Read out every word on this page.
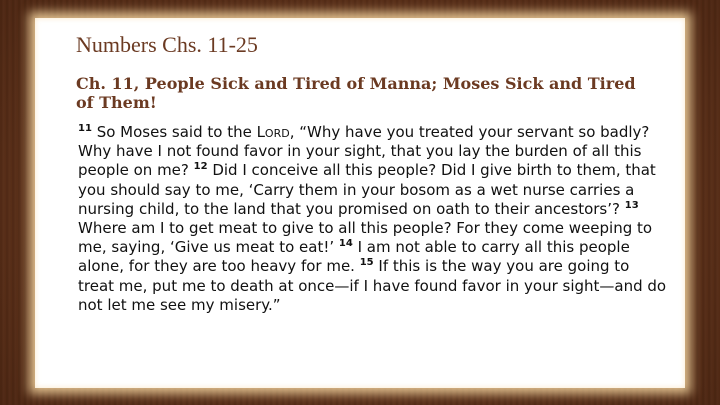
Numbers Chs. 11-25
Ch. 11, People Sick and Tired of Manna; Moses Sick and Tired of Them!

$^{11}$ So Moses said to the Lord, “Why have you treated your servant so badly? Why have I not found favor in your sight, that you lay the burden of all this people on me? $^{12}$ Did I conceive all this people? Did I give birth to them, that you should say to me, ‘Carry them in your bosom as a wet nurse carries a nursing child, to the land that you promised on oath to their ancestors’? $^{13}$ Where am I to get meat to give to all this people? For they come weeping to me, saying, ‘Give us meat to eat!’ $^{14}$ I am not able to carry all this people alone, for they are too heavy for me. $^{15}$ If this is the way you are going to treat me, put me to death at once—if I have found favor in your sight—and do not let me see my misery.”
